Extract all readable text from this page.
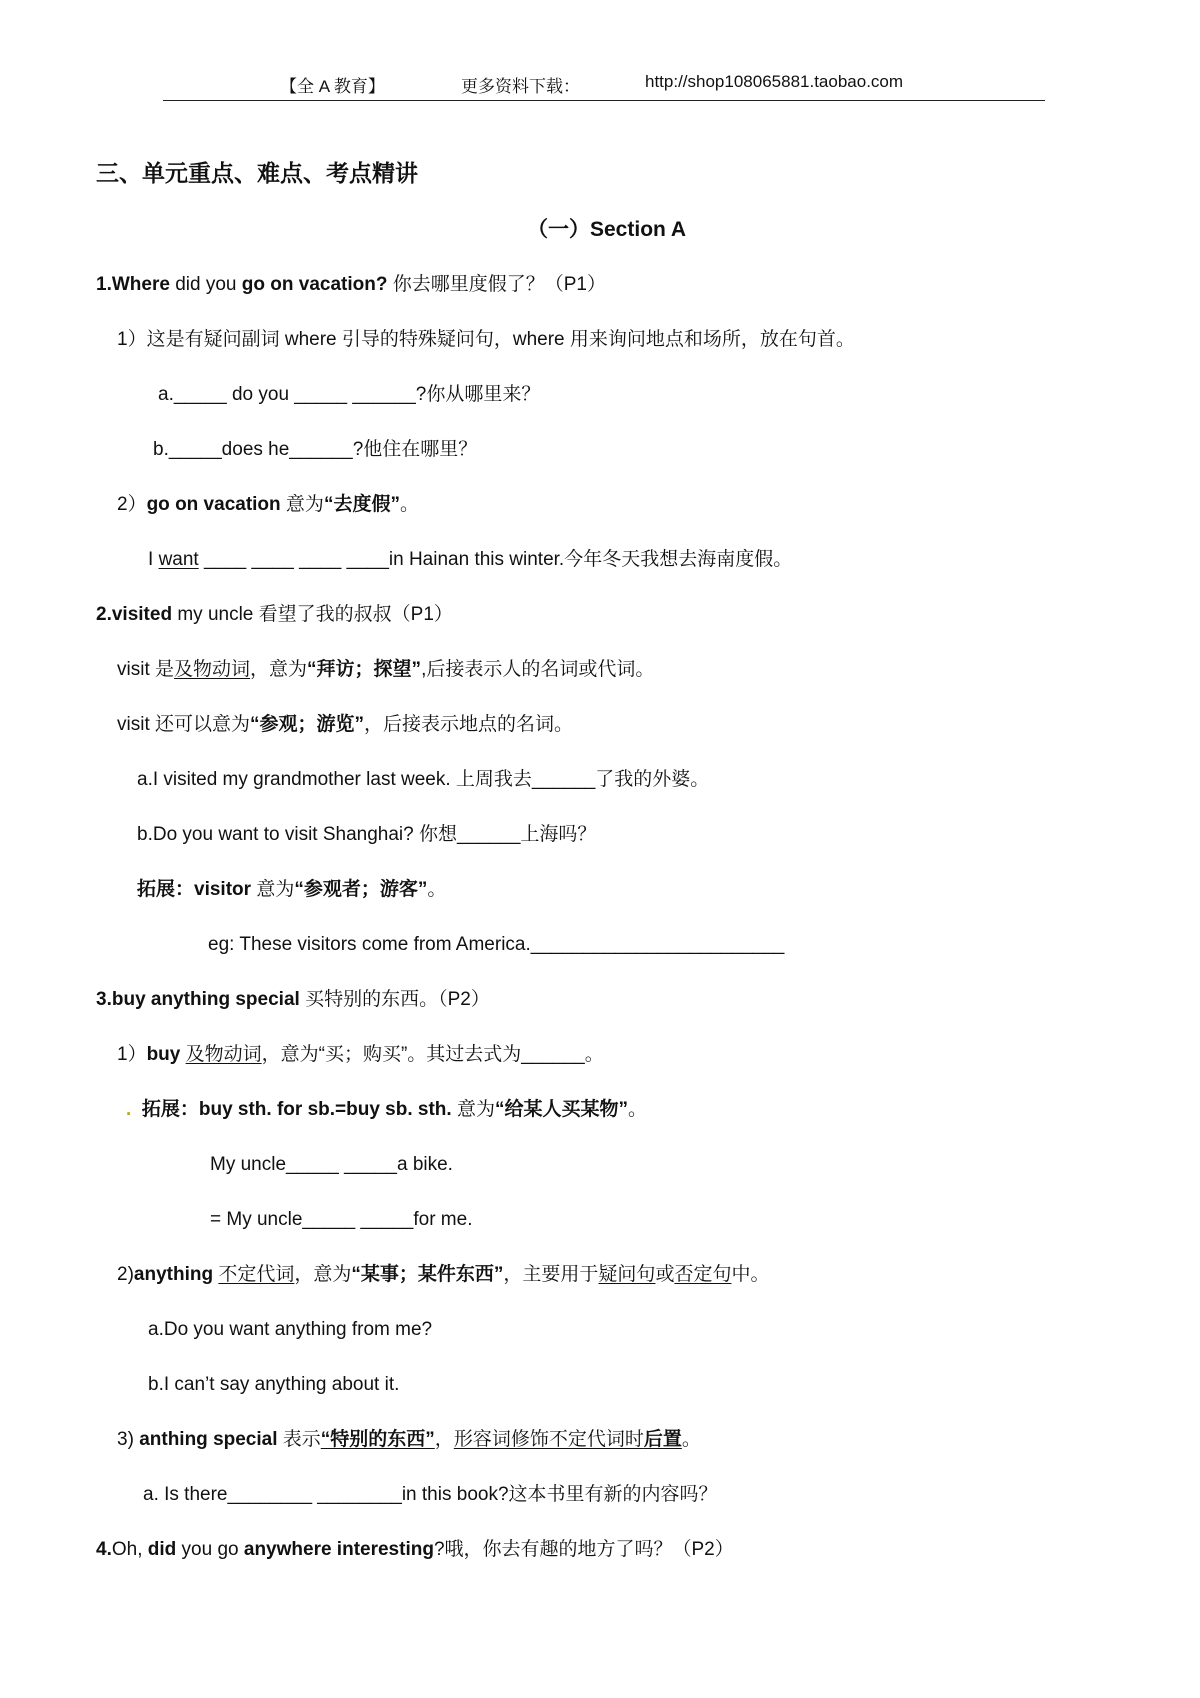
【全 A 教育】	更多资料下载：	http://shop108065881.taobao.com
三、单元重点、难点、考点精讲
（一）Section A
1.Where did you go on vacation? 你去哪里度假了？（P1）
1）这是有疑问副词 where 引导的特殊疑问句，where 用来询问地点和场所，放在句首。
a._____ do you _____ ______?你从哪里来？
b._____does he______?他住在哪里？
2）go on vacation 意为“去度假”。
I want ____ ____ ____ ____in Hainan this winter.今年冬天我想去海南度假。
2.visited my uncle 看望了我的叔叔（P1）
visit 是及物动词，意为“拜访；探望”,后接表示人的名词或代词。
visit 还可以意为“参观；游览”，后接表示地点的名词。
a.I visited my grandmother last week. 上周我去______了我的外婆。
b.Do you want to visit Shanghai? 你想______上海吗？
拓展：visitor 意为“参观者；游客”。
eg: These visitors come from America.________________________
3.buy anything special 买特别的东西。（P2）
1）buy 及物动词，意为“买；购买”。其过去式为______。
. 拓展：buy sth. for sb.=buy sb. sth. 意为“给某人买某物”。
My uncle_____ _____a bike.
= My uncle_____ _____for me.
2)anything 不定代词，意为“某事；某件东西”，主要用于疑问句或否定句中。
a.Do you want anything from me?
b.I can’t say anything about it.
3) anthing special 表示“特别的东西”，形容词修饰不定代词时后置。
a. Is there________ ________in this book?这本书里有新的内容吗？
4.Oh, did you go anywhere interesting?哦，你去有趣的地方了吗？（P2）
